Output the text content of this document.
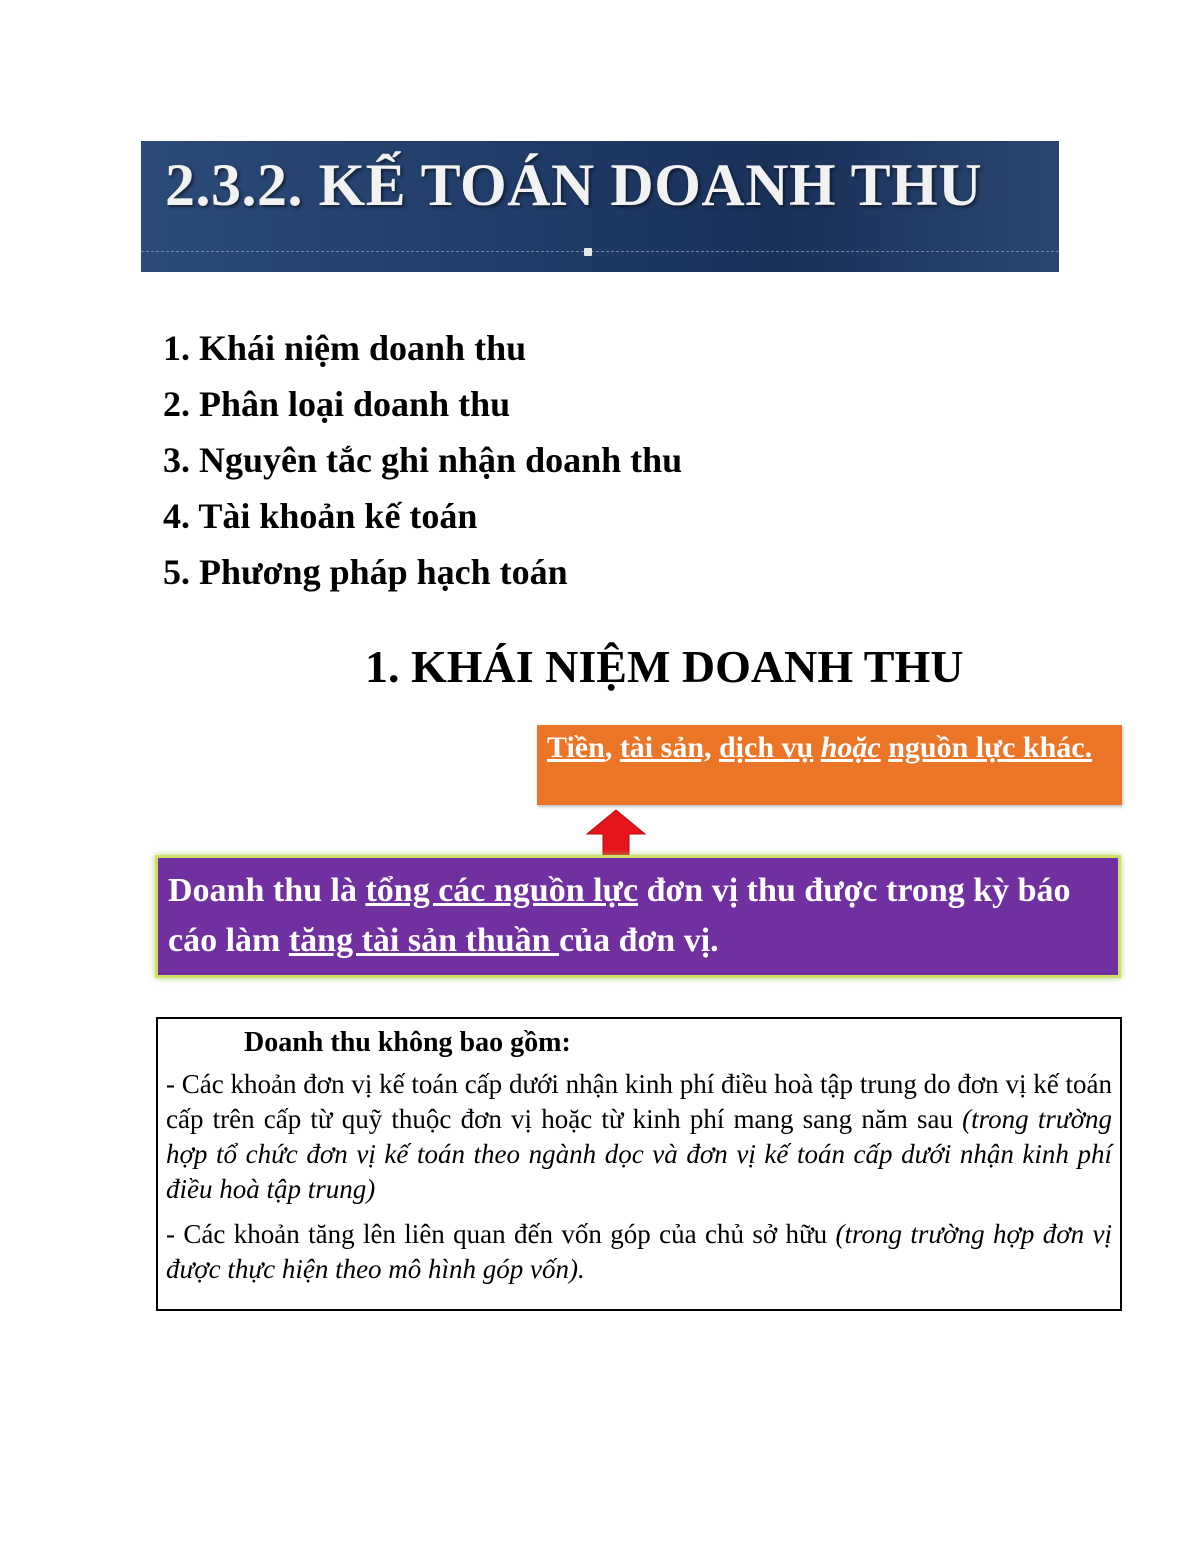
2.3.2. KẾ TOÁN DOANH THU
1. Khái niệm doanh thu
2. Phân loại doanh thu
3. Nguyên tắc ghi nhận doanh thu
4. Tài khoản kế toán
5. Phương pháp hạch toán
1. KHÁI NIỆM DOANH THU
Tiền, tài sản, dịch vụ hoặc nguồn lực khác.
Doanh thu là tổng các nguồn lực đơn vị thu được trong kỳ báo cáo làm tăng tài sản thuần của đơn vị.
Doanh thu không bao gồm:

- Các khoản đơn vị kế toán cấp dưới nhận kinh phí điều hoà tập trung do đơn vị kế toán cấp trên cấp từ quỹ thuộc đơn vị hoặc từ kinh phí mang sang năm sau (trong trường hợp tổ chức đơn vị kế toán theo ngành dọc và đơn vị kế toán cấp dưới nhận kinh phí điều hoà tập trung)

- Các khoản tăng lên liên quan đến vốn góp của chủ sở hữu (trong trường hợp đơn vị được thực hiện theo mô hình góp vốn).
